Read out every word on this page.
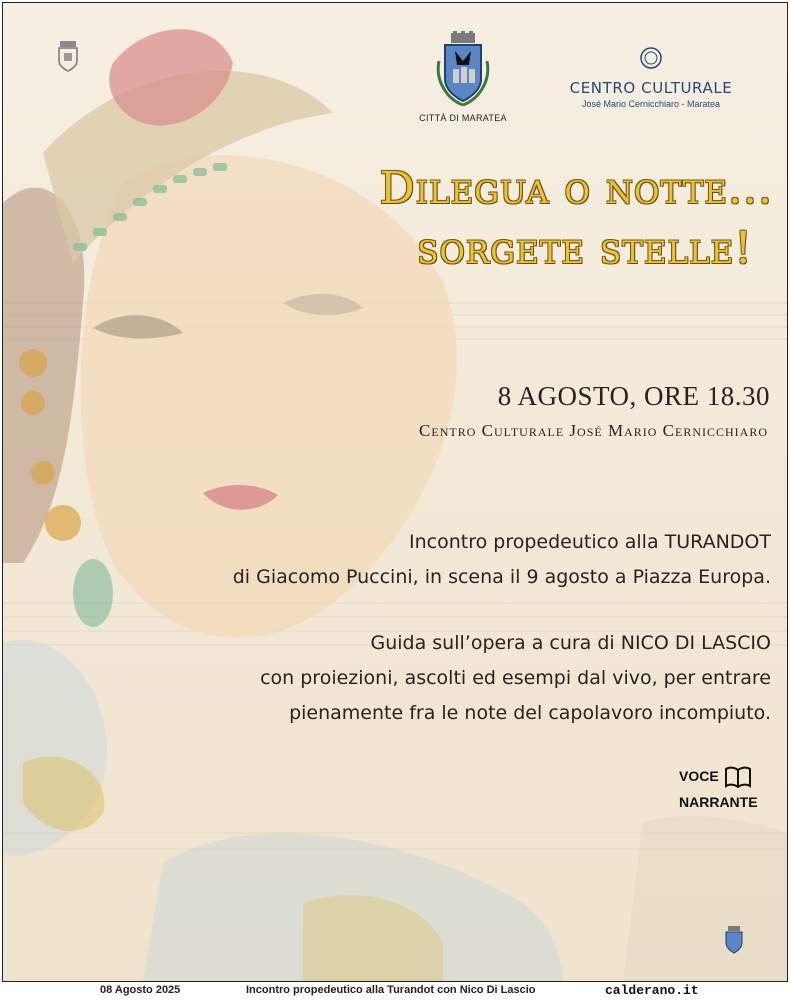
CITTÀ DI MARATEA
CENTRO CULTURALE
José Mario Cernicchiaro - Maratea
Dilegua o notte...
sorgete stelle!
8 AGOSTO, ORE 18.30
Centro Culturale José Mario Cernicchiaro
Incontro propedeutico alla TURANDOT
di Giacomo Puccini, in scena il 9 agosto a Piazza Europa.
Guida sull’opera a cura di NICO DI LASCIO
con proiezioni, ascolti ed esempi dal vivo, per entrare
pienamente fra le note del capolavoro incompiuto.
VOCE
NARRANTE
08 Agosto 2025	Incontro propedeutico alla Turandot con Nico Di Lascio	calderano.it
